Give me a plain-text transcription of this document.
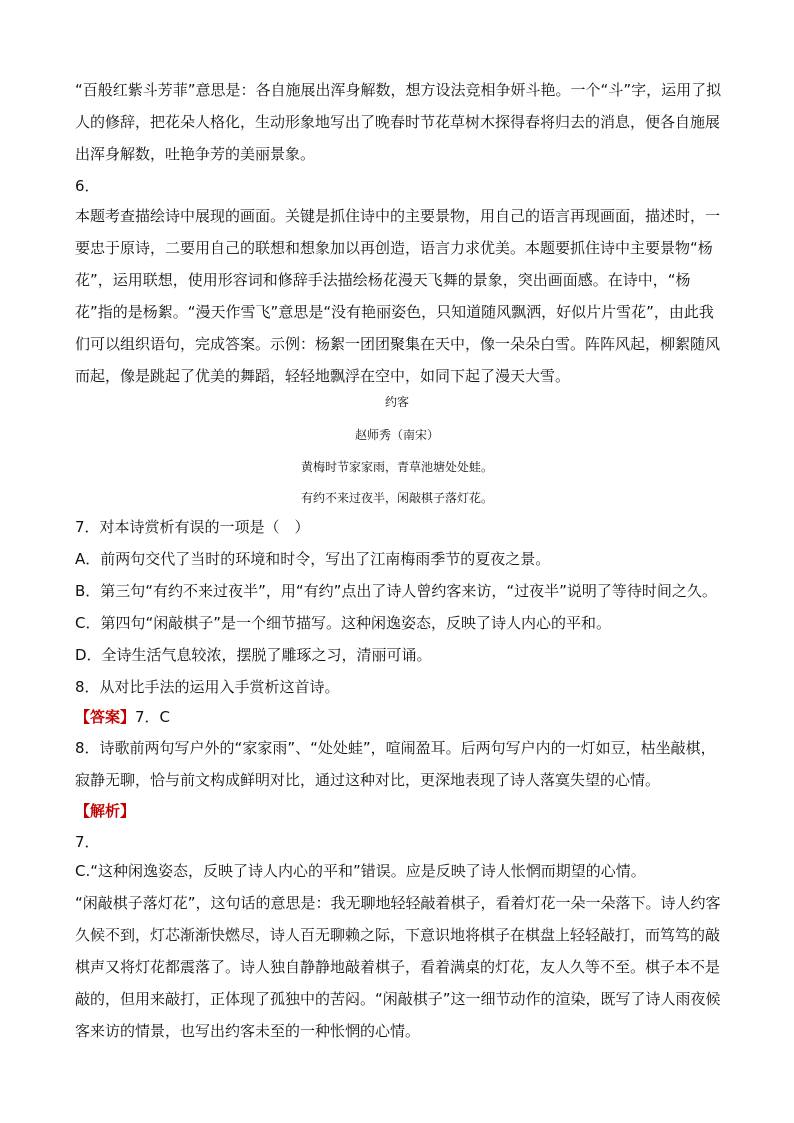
“百般红紫斗芳菲”意思是：各自施展出浑身解数，想方设法竞相争妍斗艳。一个“斗”字，运用了拟人的修辞，把花朵人格化，生动形象地写出了晚春时节花草树木探得春将归去的消息，便各自施展出浑身解数，吐艳争芳的美丽景象。

6．

本题考查描绘诗中展现的画面。关键是抓住诗中的主要景物，用自己的语言再现画面，描述时，一要忠于原诗，二要用自己的联想和想象加以再创造，语言力求优美。本题要抓住诗中主要景物“杨花”，运用联想，使用形容词和修辞手法描绘杨花漫天飞舞的景象，突出画面感。在诗中，“杨花”指的是杨絮。“漫天作雪飞”意思是“没有艳丽姿色，只知道随风飘洒，好似片片雪花”，由此我们可以组织语句，完成答案。示例：杨絮一团团聚集在天中，像一朵朵白雪。阵阵风起，柳絮随风而起，像是跳起了优美的舞蹈，轻轻地飘浮在空中，如同下起了漫天大雪。

约客

赵师秀（南宋）

黄梅时节家家雨，青草池塘处处蛙。

有约不来过夜半，闲敲棋子落灯花。

7．对本诗赏析有误的一项是（　）

A．前两句交代了当时的环境和时令，写出了江南梅雨季节的夏夜之景。

B．第三句“有约不来过夜半”，用“有约”点出了诗人曾约客来访，“过夜半”说明了等待时间之久。

C．第四句“闲敲棋子”是一个细节描写。这种闲逸姿态，反映了诗人内心的平和。

D．全诗生活气息较浓，摆脱了雕琢之习，清丽可诵。

8．从对比手法的运用入手赏析这首诗。

【答案】7．C

8．诗歌前两句写户外的“家家雨”、“处处蛙”，喧闹盈耳。后两句写户内的一灯如豆，枯坐敲棋，寂静无聊，恰与前文构成鲜明对比，通过这种对比，更深地表现了诗人落寞失望的心情。

【解析】

7．

C.“这种闲逸姿态，反映了诗人内心的平和”错误。应是反映了诗人怅惘而期望的心情。

“闲敲棋子落灯花”，这句话的意思是：我无聊地轻轻敲着棋子，看着灯花一朵一朵落下。诗人约客久候不到，灯芯渐渐快燃尽，诗人百无聊赖之际，下意识地将棋子在棋盘上轻轻敲打，而笃笃的敲棋声又将灯花都震落了。诗人独自静静地敲着棋子，看着满桌的灯花，友人久等不至。棋子本不是敲的，但用来敲打，正体现了孤独中的苦闷。“闲敲棋子”这一细节动作的渲染，既写了诗人雨夜候客来访的情景，也写出约客未至的一种怅惘的心情。
